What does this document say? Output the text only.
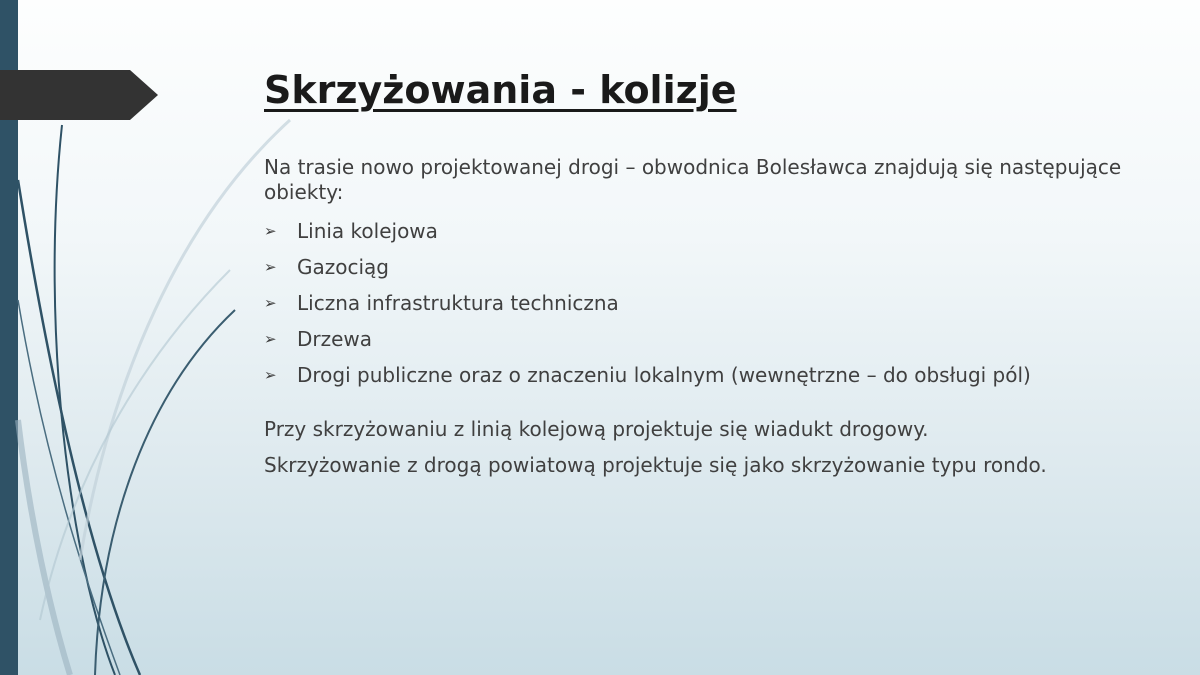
Skrzyżowania - kolizje

Na trasie nowo projektowanej drogi – obwodnica Bolesławca znajdują się następujące obiekty:

➢ Linia kolejowa
➢ Gazociąg
➢ Liczna infrastruktura techniczna
➢ Drzewa
➢ Drogi publiczne oraz o znaczeniu lokalnym (wewnętrzne – do obsługi pól)

Przy skrzyżowaniu z linią kolejową projektuje się wiadukt drogowy.

Skrzyżowanie z drogą powiatową projektuje się jako skrzyżowanie typu rondo.
